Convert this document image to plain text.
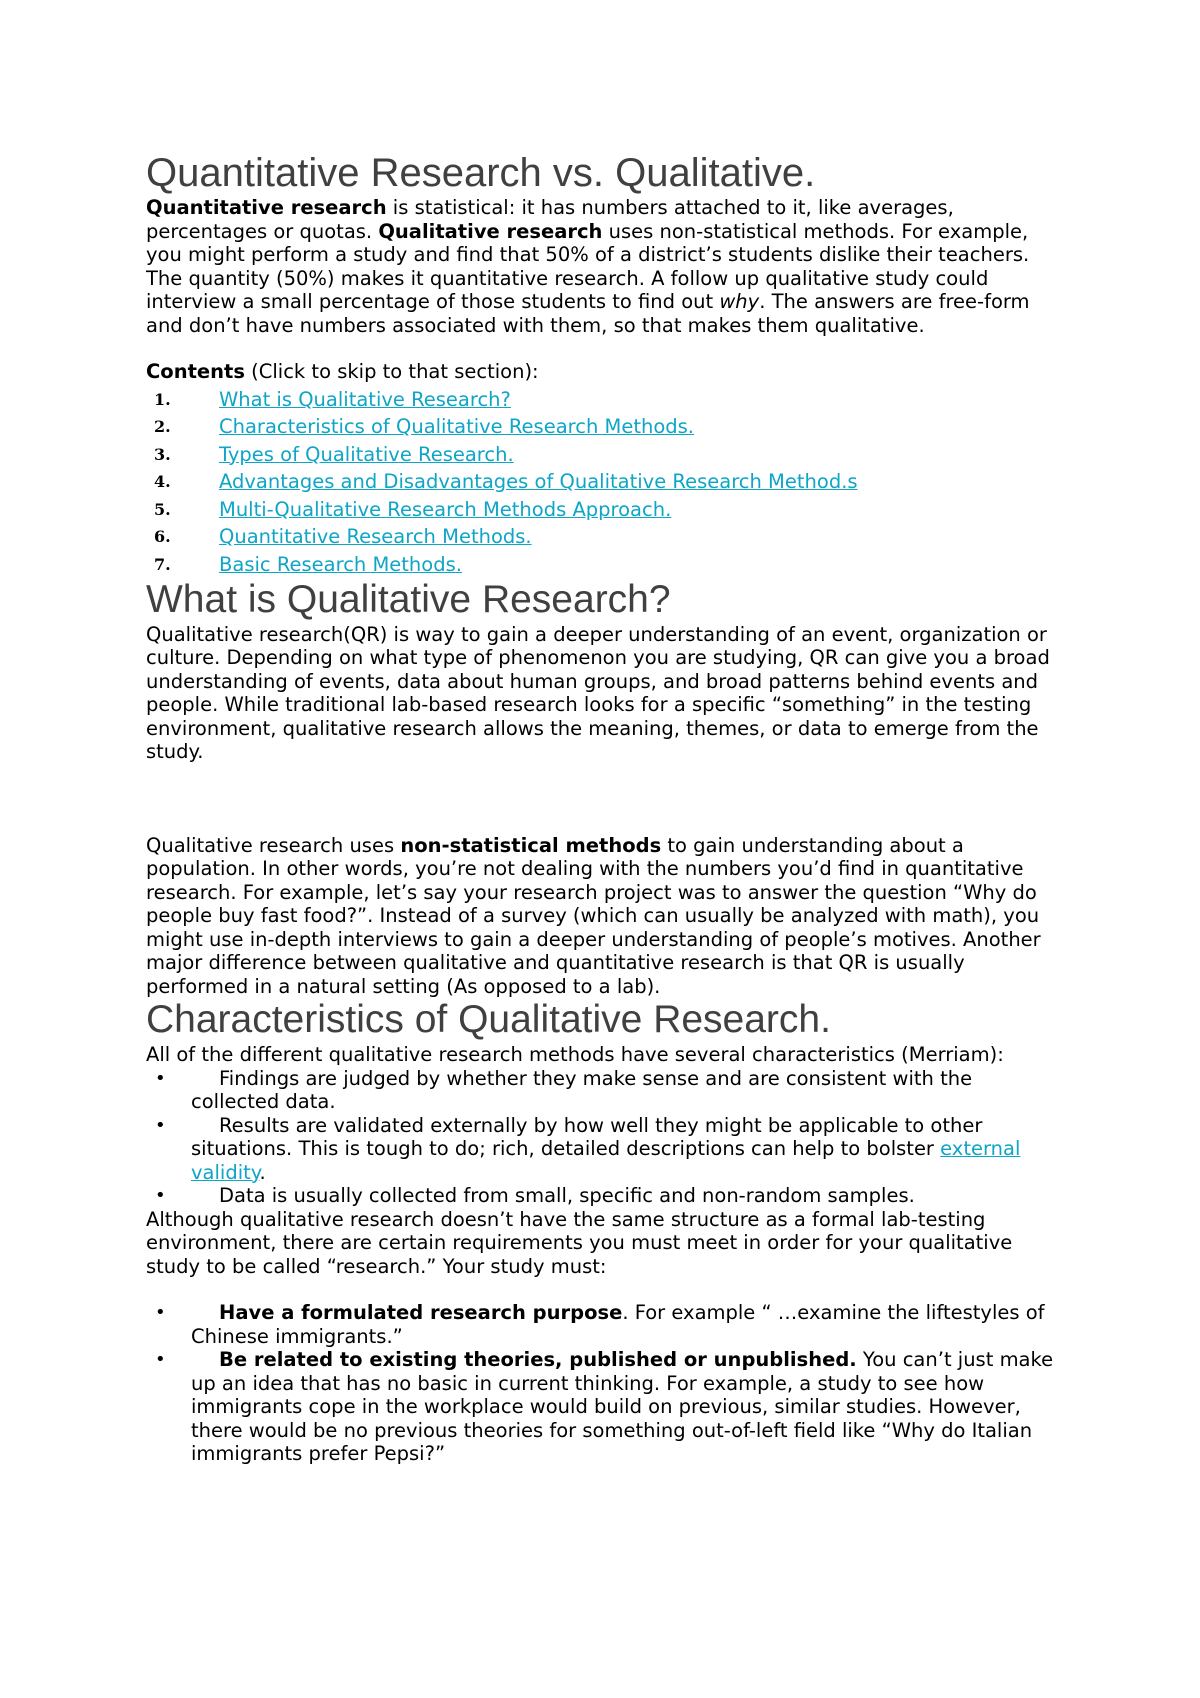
Quantitative Research vs. Qualitative.

Quantitative research is statistical: it has numbers attached to it, like averages, percentages or quotas. Qualitative research uses non-statistical methods. For example, you might perform a study and find that 50% of a district’s students dislike their teachers. The quantity (50%) makes it quantitative research. A follow up qualitative study could interview a small percentage of those students to find out why. The answers are free-form and don’t have numbers associated with them, so that makes them qualitative.

Contents (Click to skip to that section):

1. What is Qualitative Research?
2. Characteristics of Qualitative Research Methods.
3. Types of Qualitative Research.
4. Advantages and Disadvantages of Qualitative Research Method.s
5. Multi-Qualitative Research Methods Approach.
6. Quantitative Research Methods.
7. Basic Research Methods.
What is Qualitative Research?

Qualitative research(QR) is way to gain a deeper understanding of an event, organization or culture. Depending on what type of phenomenon you are studying, QR can give you a broad understanding of events, data about human groups, and broad patterns behind events and people. While traditional lab-based research looks for a specific “something” in the testing environment, qualitative research allows the meaning, themes, or data to emerge from the study.

Qualitative research uses non-statistical methods to gain understanding about a population. In other words, you’re not dealing with the numbers you’d find in quantitative research. For example, let’s say your research project was to answer the question “Why do people buy fast food?”. Instead of a survey (which can usually be analyzed with math), you might use in-depth interviews to gain a deeper understanding of people’s motives. Another major difference between qualitative and quantitative research is that QR is usually performed in a natural setting (As opposed to a lab).

Characteristics of Qualitative Research.

All of the different qualitative research methods have several characteristics (Merriam):

•	Findings are judged by whether they make sense and are consistent with the collected data.
•	Results are validated externally by how well they might be applicable to other situations. This is tough to do; rich, detailed descriptions can help to bolster external validity.
•	Data is usually collected from small, specific and non-random samples.

Although qualitative research doesn’t have the same structure as a formal lab-testing environment, there are certain requirements you must meet in order for your qualitative study to be called “research.” Your study must:

•	Have a formulated research purpose. For example “ …examine the liftestyles of Chinese immigrants.”
•	Be related to existing theories, published or unpublished. You can’t just make up an idea that has no basic in current thinking. For example, a study to see how immigrants cope in the workplace would build on previous, similar studies. However, there would be no previous theories for something out-of-left field like “Why do Italian immigrants prefer Pepsi?”
